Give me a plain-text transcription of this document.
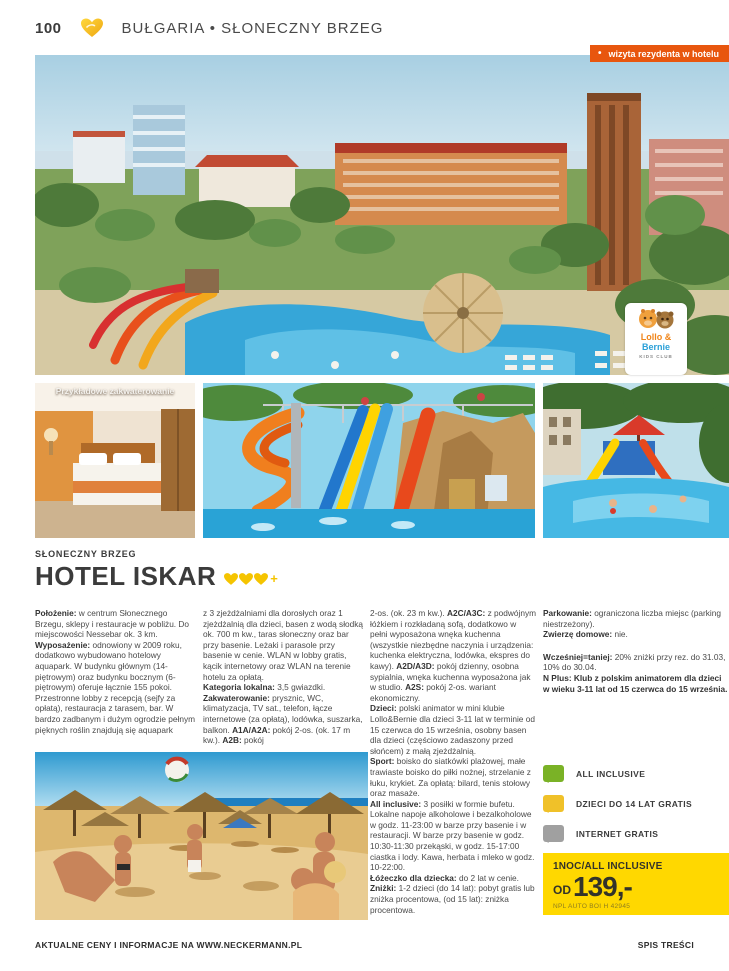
100	BUŁGARIA • SŁONECZNY BRZEG
• wizyta rezydenta w hotelu
Lollo &
Bernie
KIDS CLUB
Przykładowe zakwaterowanie
SŁONECZNY BRZEG
HOTEL ISKAR	+

Położenie: w centrum Słonecznego Brzegu, sklepy i restauracje w pobliżu. Do miejscowości Nessebar ok. 3 km.

Wyposażenie: odnowiony w 2009 roku, dodatkowo wybudowano hotelowy aquapark. W budynku głównym (14-piętrowym) oraz budynku bocznym (6-piętrowym) oferuje łącznie 155 pokoi. Przestronne lobby z recepcją (sejfy za opłatą), restauracja z tarasem, bar. W bardzo zadbanym i dużym ogrodzie pełnym pięknych roślin znajdują się aquapark

z 3 zjeżdżalniami dla dorosłych oraz 1 zjeżdżalnią dla dzieci, basen z wodą słodką ok. 700 m kw., taras słoneczny oraz bar przy basenie. Leżaki i parasole przy basenie w cenie. WLAN w lobby gratis, kącik internetowy oraz WLAN na terenie hotelu za opłatą.

Kategoria lokalna: 3,5 gwiazdki.

Zakwaterowanie: prysznic, WC, klimatyzacja, TV sat., telefon, łącze internetowe (za opłatą), lodówka, suszarka, balkon. A1A/A2A: pokój 2-os. (ok. 17 m kw.). A2B: pokój

2-os. (ok. 23 m kw.). A2C/A3C: z podwójnym łóżkiem i rozkładaną sofą, dodatkowo w pełni wyposażona wnęka kuchenna (wszystkie niezbędne naczynia i urządzenia: kuchenka elektryczna, lodówka, ekspres do kawy). A2D/A3D: pokój dzienny, osobna sypialnia, wnęka kuchenna wyposażona jak w studio. A2S: pokój 2-os. wariant ekonomiczny.

Dzieci: polski animator w mini klubie Lollo&Bernie dla dzieci 3-11 lat w terminie od 15 czerwca do 15 września, osobny basen dla dzieci (częściowo zadaszony przed słońcem) z małą zjeżdżalnią.

Sport: boisko do siatkówki plażowej, małe trawiaste boisko do piłki nożnej, strzelanie z łuku, krykiet. Za opłatą: bilard, tenis stołowy oraz masaże.

All inclusive: 3 posiłki w formie bufetu. Lokalne napoje alkoholowe i bezalkoholowe w godz. 11-23:00 w barze przy basenie i w restauracji. W barze przy basenie w godz. 10:30-11:30 przekąski, w godz. 15-17:00 ciastka i lody. Kawa, herbata i mleko w godz. 10-22:00.

Łóżeczko dla dziecka: do 2 lat w cenie.

Zniżki: 1-2 dzieci (do 14 lat): pobyt gratis lub zniżka procentowa, (od 15 lat): zniżka procentowa.

Parkowanie: ograniczona liczba miejsc (parking niestrzeżony).

Zwierzę domowe: nie.

Wcześniej=taniej: 20% zniżki przy rez. do 31.03, 10% do 30.04.

N Plus: Klub z polskim animatorem dla dzieci w wieku 3-11 lat od 15 czerwca do 15 września.

ALL INCLUSIVE
DZIECI DO 14 LAT GRATIS
INTERNET GRATIS
1NOC/ALL INCLUSIVE
OD 139,-
NPL AUTO BOI H 42945
AKTUALNE CENY I INFORMACJE NA WWW.NECKERMANN.PL	SPIS TREŚCI
